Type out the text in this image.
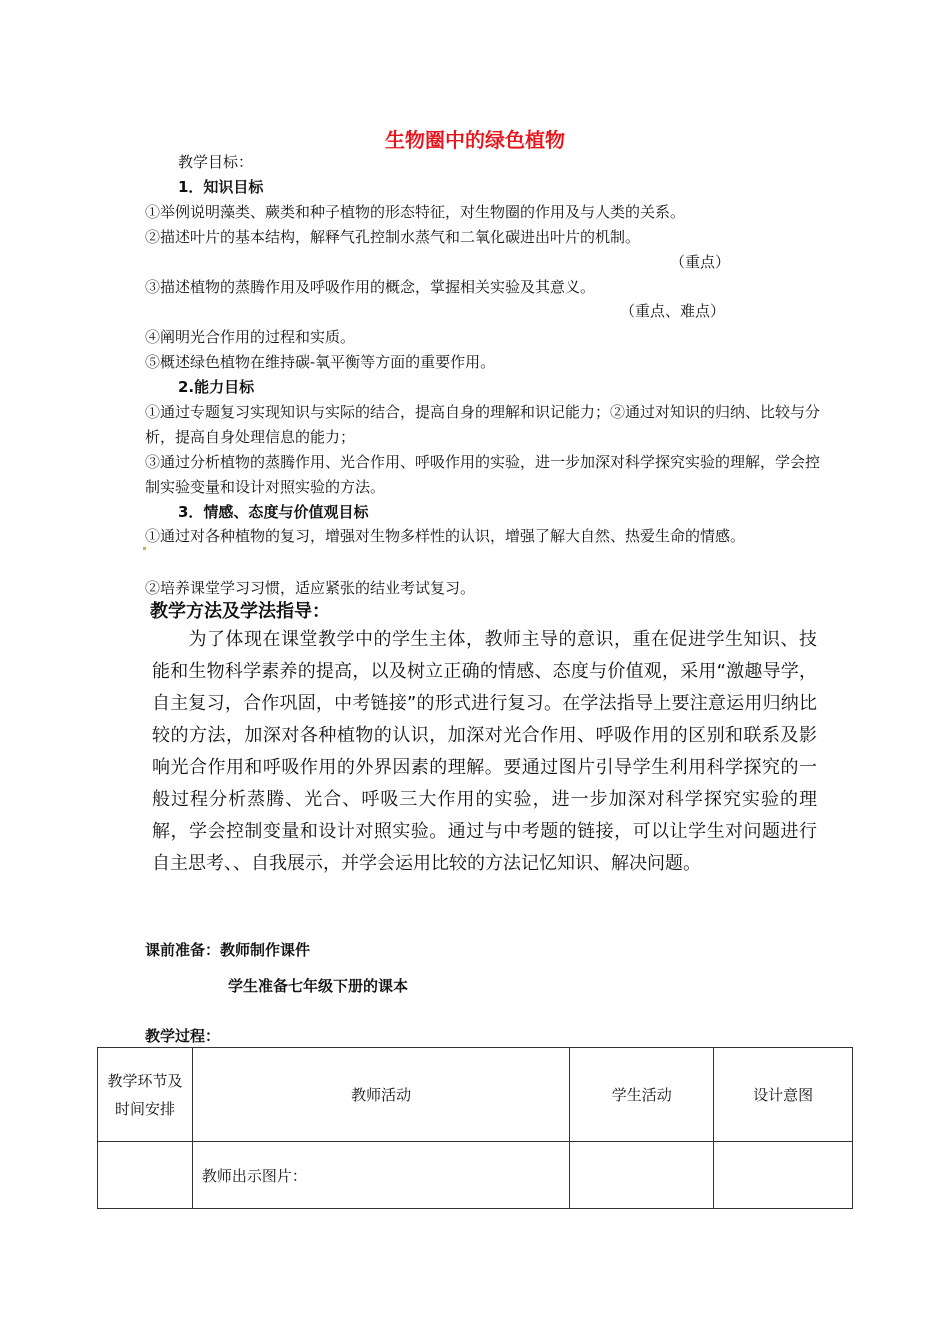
生物圈中的绿色植物
教学目标：
1．知识目标
①举例说明藻类、蕨类和种子植物的形态特征，对生物圈的作用及与人类的关系。
②描述叶片的基本结构，解释气孔控制水蒸气和二氧化碳进出叶片的机制。
（重点）
③描述植物的蒸腾作用及呼吸作用的概念，掌握相关实验及其意义。
（重点、难点）
④阐明光合作用的过程和实质。
⑤概述绿色植物在维持碳-氧平衡等方面的重要作用。
2.能力目标
①通过专题复习实现知识与实际的结合，提高自身的理解和识记能力；②通过对知识的归纳、比较与分析，提高自身处理信息的能力；
③通过分析植物的蒸腾作用、光合作用、呼吸作用的实验，进一步加深对科学探究实验的理解，学会控制实验变量和设计对照实验的方法。
3．情感、态度与价值观目标
①通过对各种植物的复习，增强对生物多样性的认识，增强了解大自然、热爱生命的情感。
②培养课堂学习习惯，适应紧张的结业考试复习。
教学方法及学法指导：
为了体现在课堂教学中的学生主体，教师主导的意识，重在促进学生知识、技能和生物科学素养的提高，以及树立正确的情感、态度与价值观，采用“激趣导学，自主复习，合作巩固，中考链接”的形式进行复习。在学法指导上要注意运用归纳比较的方法，加深对各种植物的认识，加深对光合作用、呼吸作用的区别和联系及影响光合作用和呼吸作用的外界因素的理解。要通过图片引导学生利用科学探究的一般过程分析蒸腾、光合、呼吸三大作用的实验，进一步加深对科学探究实验的理解，学会控制变量和设计对照实验。通过与中考题的链接，可以让学生对问题进行自主思考、、自我展示，并学会运用比较的方法记忆知识、解决问题。
课前准备：教师制作课件
学生准备七年级下册的课本
教学过程：
教学环节及时间安排	教师活动	学生活动	设计意图
	教师出示图片：		
